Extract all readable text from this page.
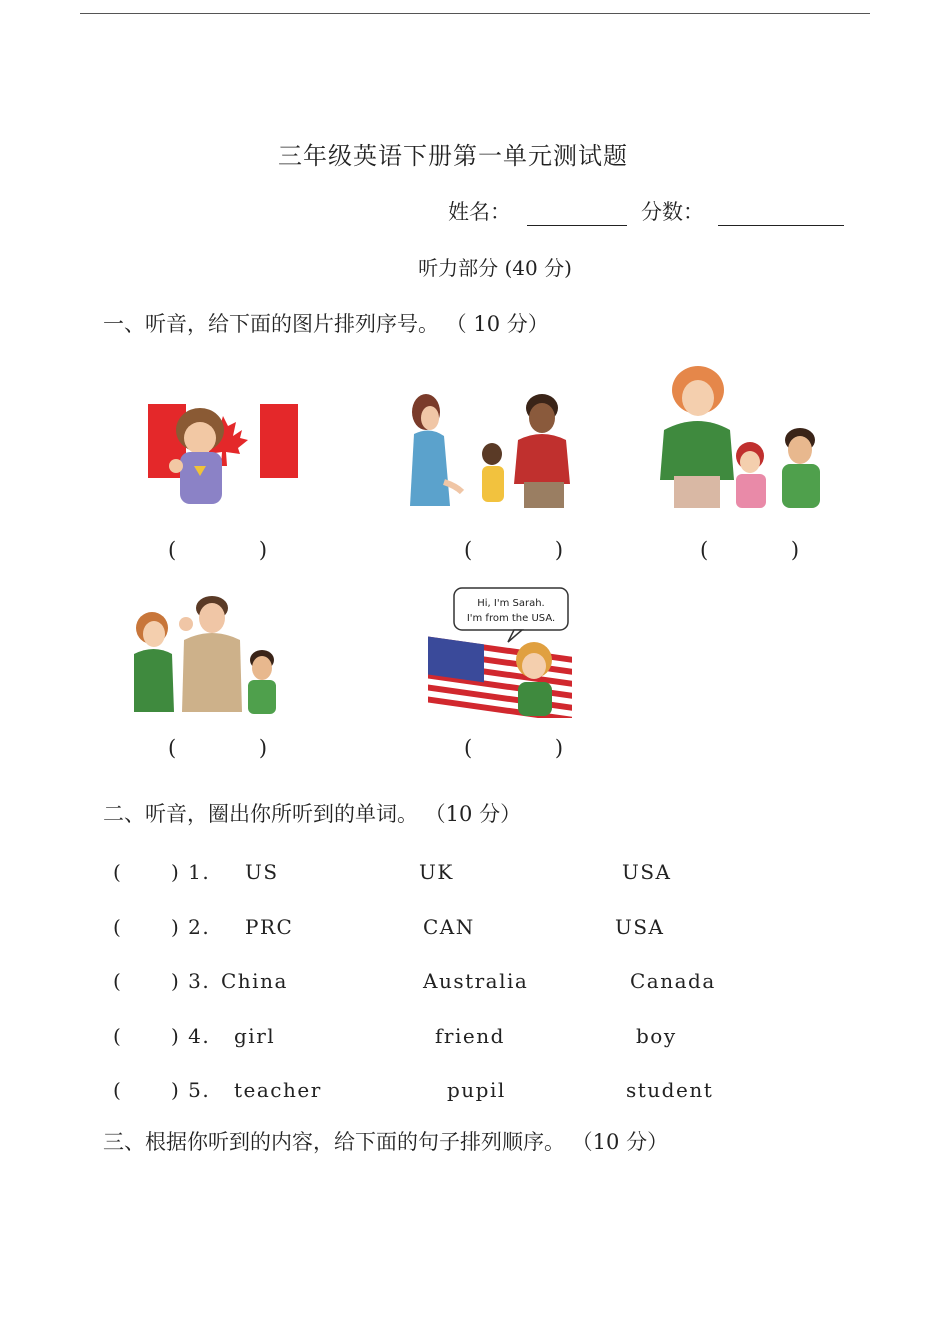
三年级英语下册第一单元测试题
姓名：	分数：
听力部分 (40 分)
一、听音，给下面的图片排列序号。 （ 10 分）
( )	( )	( )
Hi, I'm Sarah.
I'm from the USA.
( )	( )
二、听音，圈出你所听到的单词。 （10 分）
( ) 1. US	UK	USA
( ) 2. PRC	CAN	USA
( ) 3. China	Australia	Canada
( ) 4. girl	friend	boy
( ) 5. teacher	pupil	student
三、根据你听到的内容，给下面的句子排列顺序。 （10 分）
